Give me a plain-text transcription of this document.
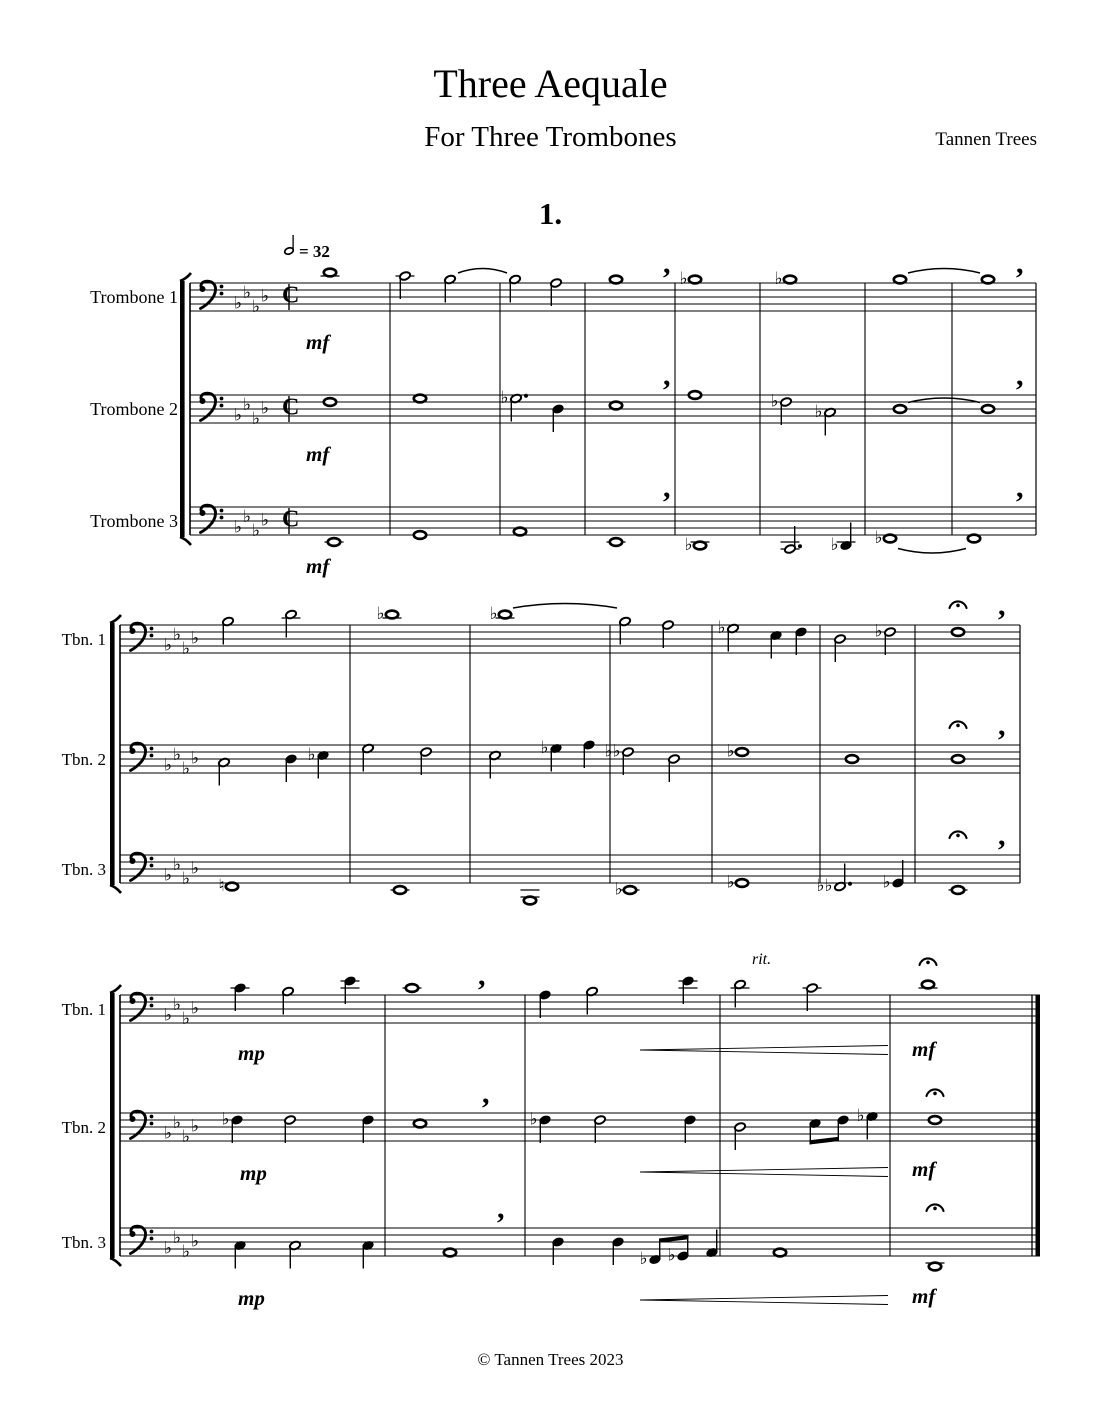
Three Aequale
For Three Trombones	Tannen Trees
1.
= 32
Trombone 1	♭
♭
♭
♭ C
♭	♭
,	,
mf
Trombone 2	♭
♭
♭
♭ C	♭	♭
♭
,	,
mf
Trombone 3	♭
♭
♭
♭ C
♭	♭ ♭
,	,
mf
Tbn. 1	♭
♭
♭
♭
♭	♭
♭	♭
,
Tbn. 2	♭
♭
♭
♭	♭	♭	♭♭	♭
,
Tbn. 3	♭
♭
♭
♭
♮	♭	♭	♭♭	♭
,
Tbn. 1	♭
♭
♭
♭
,
mp	mf
rit.
Tbn. 2	♭
♭
♭
♭ ♭	♭	♭
,
mp	mf
Tbn. 3	♭
♭
♭
♭
♭ ♭
,
mp	mf
© Tannen Trees 2023
